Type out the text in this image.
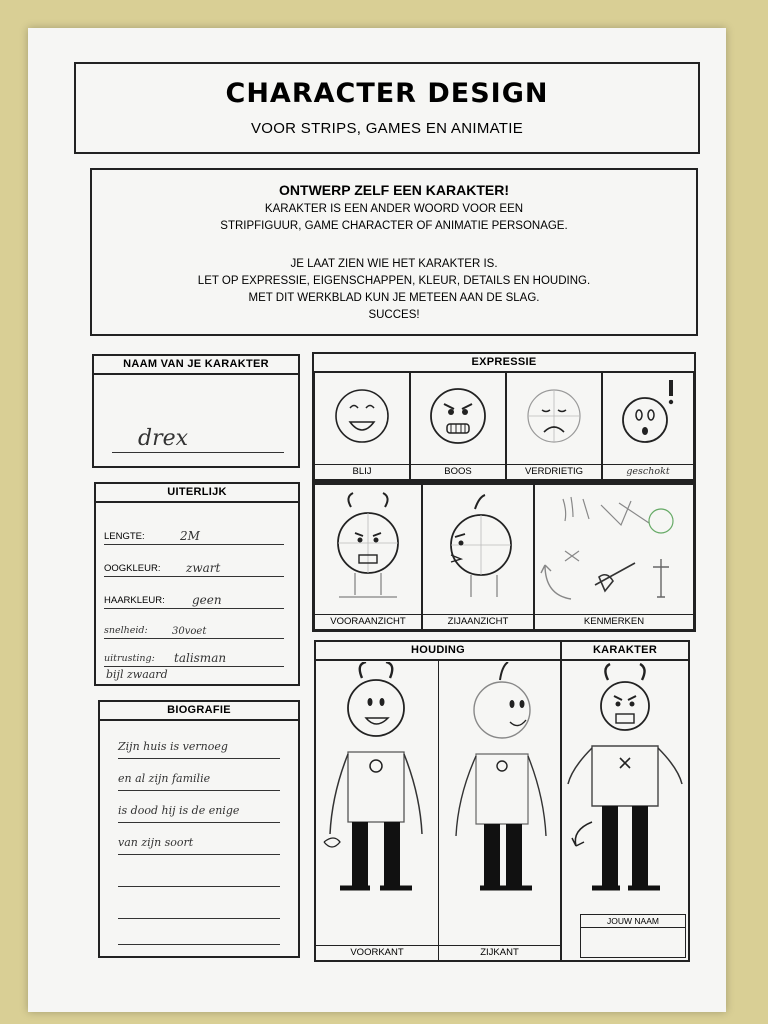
CHARACTER DESIGN
VOOR STRIPS, GAMES EN ANIMATIE
ONTWERP ZELF EEN KARAKTER!
KARAKTER IS EEN ANDER WOORD VOOR EEN
STRIPFIGUUR, GAME CHARACTER OF ANIMATIE PERSONAGE.
JE LAAT ZIEN WIE HET KARAKTER IS.
LET OP EXPRESSIE, EIGENSCHAPPEN, KLEUR, DETAILS EN HOUDING.
MET DIT WERKBLAD KUN JE METEEN AAN DE SLAG.
SUCCES!
NAAM VAN JE KARAKTER
drex
UITERLIJK
LENGTE:	2M
OOGKLEUR: zwart
HAARKLEUR: geen
snelheid: 30voet
uitrusting: talisman
bijl zwaard
BIOGRAFIE
Zijn huis is vernoeg
en al zijn familie
is dood hij is de enige
van zijn soort
EXPRESSIE
BLIJ	BOOS	VERDRIETIG	geschokt
VOORAANZICHT	ZIJAANZICHT	KENMERKEN
HOUDING
VOORKANT	ZIJKANT
KARAKTER
JOUW NAAM
